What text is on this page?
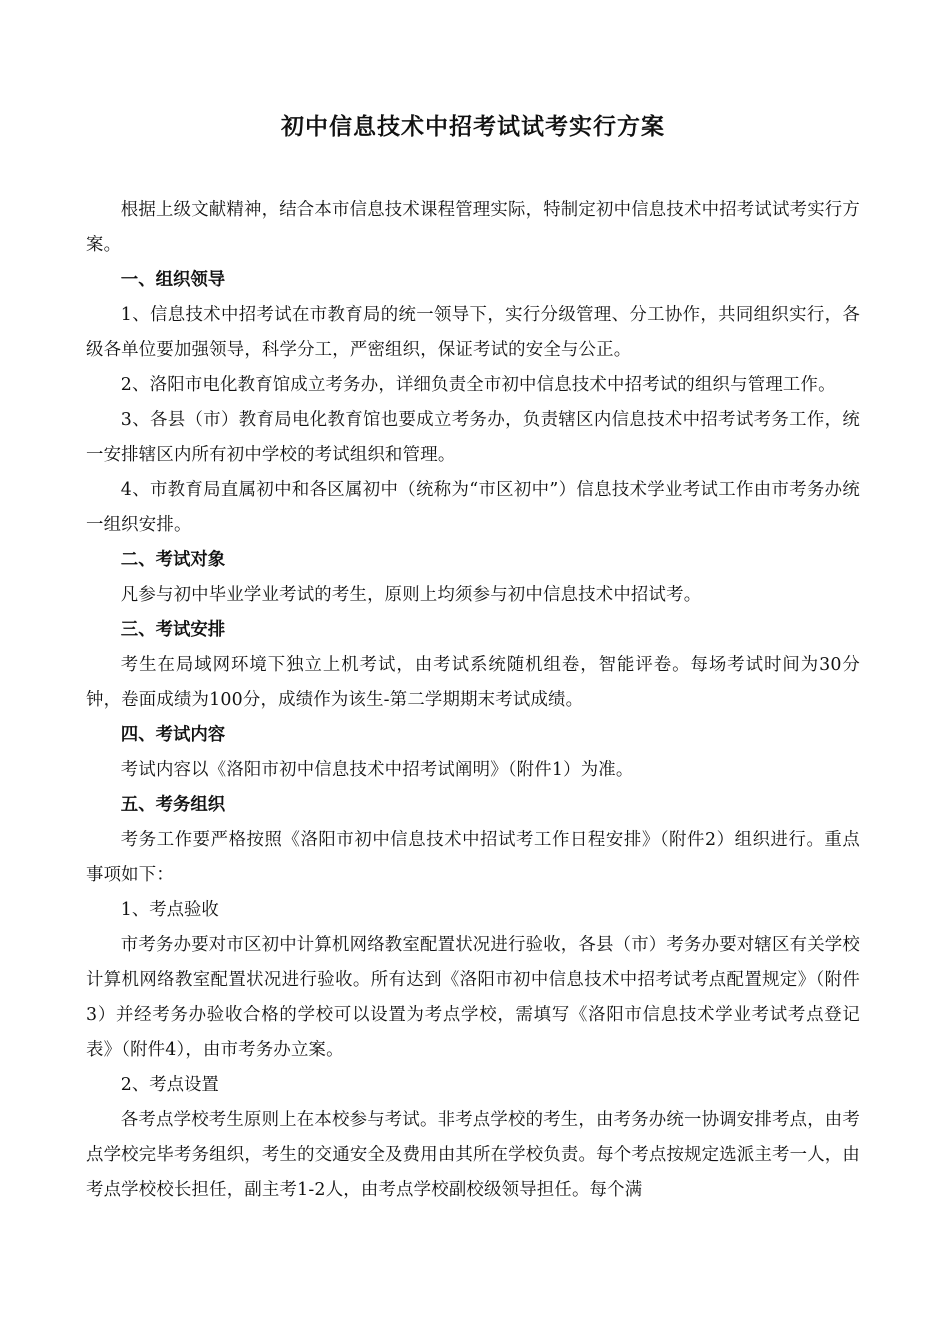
初中信息技术中招考试试考实行方案

根据上级文献精神，结合本市信息技术课程管理实际，特制定初中信息技术中招考试试考实行方案。

一、组织领导

1、信息技术中招考试在市教育局的统一领导下，实行分级管理、分工协作，共同组织实行，各级各单位要加强领导，科学分工，严密组织，保证考试的安全与公正。

2、洛阳市电化教育馆成立考务办，详细负责全市初中信息技术中招考试的组织与管理工作。

3、各县（市）教育局电化教育馆也要成立考务办，负责辖区内信息技术中招考试考务工作，统一安排辖区内所有初中学校的考试组织和管理。

4、市教育局直属初中和各区属初中（统称为“市区初中”）信息技术学业考试工作由市考务办统一组织安排。

二、考试对象

凡参与初中毕业学业考试的考生，原则上均须参与初中信息技术中招试考。

三、考试安排

考生在局域网环境下独立上机考试，由考试系统随机组卷，智能评卷。每场考试时间为30分钟，卷面成绩为100分，成绩作为该生-第二学期期末考试成绩。

四、考试内容

考试内容以《洛阳市初中信息技术中招考试阐明》（附件1）为准。

五、考务组织

考务工作要严格按照《洛阳市初中信息技术中招试考工作日程安排》（附件2）组织进行。重点事项如下：

1、考点验收

市考务办要对市区初中计算机网络教室配置状况进行验收，各县（市）考务办要对辖区有关学校计算机网络教室配置状况进行验收。所有达到《洛阳市初中信息技术中招考试考点配置规定》（附件3）并经考务办验收合格的学校可以设置为考点学校，需填写《洛阳市信息技术学业考试考点登记表》（附件4），由市考务办立案。

2、考点设置

各考点学校考生原则上在本校参与考试。非考点学校的考生，由考务办统一协调安排考点，由考点学校完毕考务组织，考生的交通安全及费用由其所在学校负责。每个考点按规定选派主考一人，由考点学校校长担任，副主考1-2人，由考点学校副校级领导担任。每个满
